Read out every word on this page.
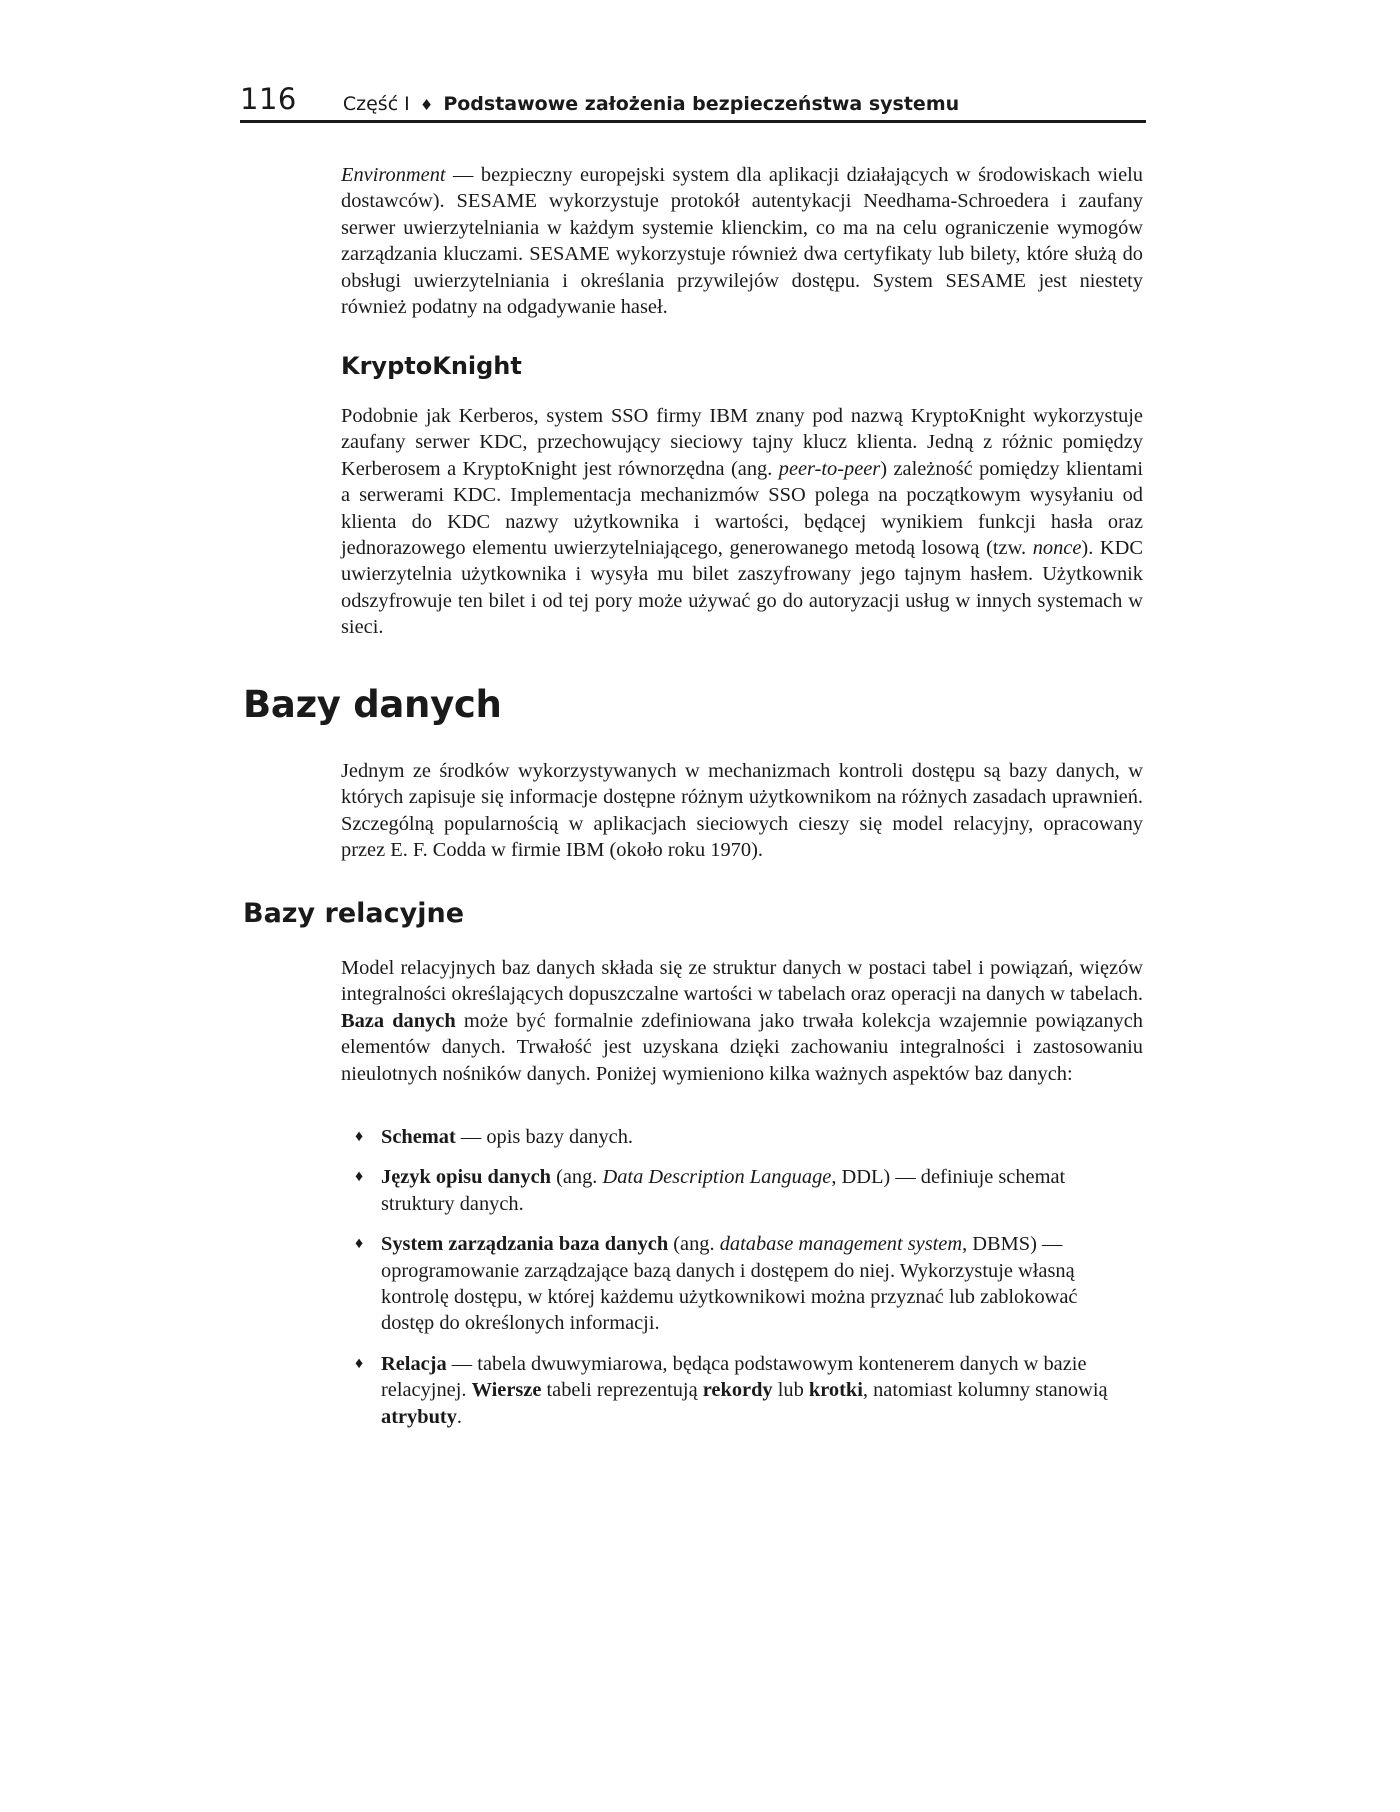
116 Część I ♦ Podstawowe założenia bezpieczeństwa systemu

Environment — bezpieczny europejski system dla aplikacji działających w środowiskach wielu dostawców). SESAME wykorzystuje protokół autentykacji Needhama-Schroedera i zaufany serwer uwierzytelniania w każdym systemie klienckim, co ma na celu ograniczenie wymogów zarządzania kluczami. SESAME wykorzystuje również dwa certyfikaty lub bilety, które służą do obsługi uwierzytelniania i określania przywilejów dostępu. System SESAME jest niestety również podatny na odgadywanie haseł.

KryptoKnight

Podobnie jak Kerberos, system SSO firmy IBM znany pod nazwą KryptoKnight wykorzystuje zaufany serwer KDC, przechowujący sieciowy tajny klucz klienta. Jedną z różnic pomiędzy Kerberosem a KryptoKnight jest równorzędna (ang. peer-to-peer) zależność pomiędzy klientami a serwerami KDC. Implementacja mechanizmów SSO polega na początkowym wysyłaniu od klienta do KDC nazwy użytkownika i wartości, będącej wynikiem funkcji hasła oraz jednorazowego elementu uwierzytelniającego, generowanego metodą losową (tzw. nonce). KDC uwierzytelnia użytkownika i wysyła mu bilet zaszyfrowany jego tajnym hasłem. Użytkownik odszyfrowuje ten bilet i od tej pory może używać go do autoryzacji usług w innych systemach w sieci.

Bazy danych

Jednym ze środków wykorzystywanych w mechanizmach kontroli dostępu są bazy danych, w których zapisuje się informacje dostępne różnym użytkownikom na różnych zasadach uprawnień. Szczególną popularnością w aplikacjach sieciowych cieszy się model relacyjny, opracowany przez E. F. Codda w firmie IBM (około roku 1970).

Bazy relacyjne

Model relacyjnych baz danych składa się ze struktur danych w postaci tabel i powiązań, więzów integralności określających dopuszczalne wartości w tabelach oraz operacji na danych w tabelach. Baza danych może być formalnie zdefiniowana jako trwała kolekcja wzajemnie powiązanych elementów danych. Trwałość jest uzyskana dzięki zachowaniu integralności i zastosowaniu nieulotnych nośników danych. Poniżej wymieniono kilka ważnych aspektów baz danych:

♦ Schemat — opis bazy danych.
♦ Język opisu danych (ang. Data Description Language, DDL) — definiuje schemat struktury danych.
♦ System zarządzania baza danych (ang. database management system, DBMS) — oprogramowanie zarządzające bazą danych i dostępem do niej. Wykorzystuje własną kontrolę dostępu, w której każdemu użytkownikowi można przyznać lub zablokować dostęp do określonych informacji.
♦ Relacja — tabela dwuwymiarowa, będąca podstawowym kontenerem danych w bazie relacyjnej. Wiersze tabeli reprezentują rekordy lub krotki, natomiast kolumny stanowią atrybuty.
